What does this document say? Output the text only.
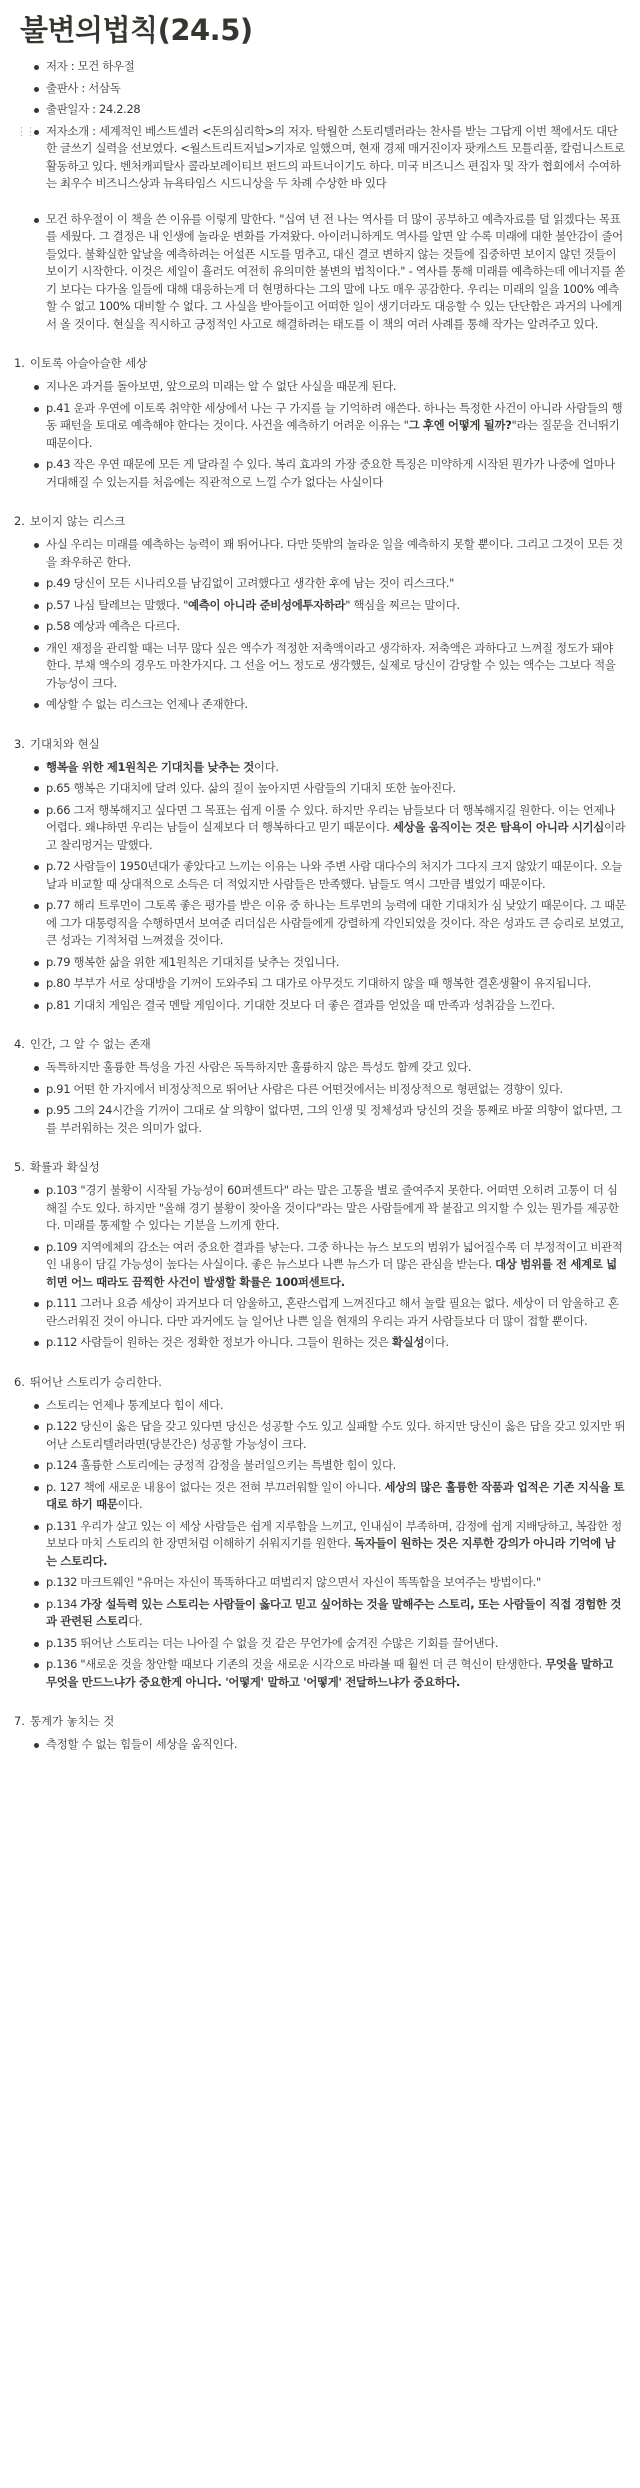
불변의법칙(24.5)
저자 : 모건 하우절
출판사 : 서삼독
출판일자 : 24.2.28
⋮⋮ 저자소개 : 세계적인 베스트셀러 <돈의심리학>의 저자. 탁월한 스토리텔러라는 찬사를 받는 그답게 이번 책에서도 대단한 글쓰기 실력을 선보였다. <월스트리트저널>기자로 일했으며, 현재 경제 매거진이자 팟캐스트 모틀리풀, 칼럼니스트로 활동하고 있다. 벤처캐피탈사 콜라보레이티브 펀드의 파트너이기도 하다. 미국 비즈니스 편집자 및 작가 협회에서 수여하는 최우수 비즈니스상과 뉴욕타임스 시드니상을 두 차례 수상한 바 있다
모건 하우절이 이 책을 쓴 이유를 이렇게 말한다. "십여 년 전 나는 역사를 더 많이 공부하고 예측자료를 덜 읽겠다는 목표를 세웠다. 그 결정은 내 인생에 놀라운 변화를 가져왔다. 아이러니하게도 역사를 알면 알 수록 미래에 대한 불안감이 줄어들었다. 불확실한 앞날을 예측하려는 어설픈 시도를 멈추고, 대신 결코 변하지 않는 것들에 집중하면 보이지 않던 것들이 보이기 시작한다. 이것은 세일이 흘러도 여전히 유의미한 불변의 법칙이다." - 역사를 통해 미래를 예측하는데 에너지를 쏟기 보다는 다가올 일들에 대해 대응하는게 더 현명하다는 그의 말에 나도 매우 공감한다. 우리는 미래의 일을 100% 예측할 수 없고 100% 대비할 수 없다. 그 사실을 받아들이고 어떠한 일이 생기더라도 대응할 수 있는 단단함은 과거의 나에게서 올 것이다. 현실을 직시하고 긍정적인 사고로 해결하려는 태도를 이 책의 여러 사례를 통해 작가는 알려주고 있다.
1. 이토록 아슬아슬한 세상
지나온 과거를 돌아보면, 앞으로의 미래는 알 수 없단 사실을 때문게 된다.
p.41 운과 우연에 이토록 취약한 세상에서 나는 구 가지를 늘 기억하려 애쓴다. 하나는 특정한 사건이 아니라 사람들의 행동 패턴을 토대로 예측해야 한다는 것이다. 사건을 예측하기 어려운 이유는 "그 후엔 어떻게 될까?"라는 질문을 건너뛰기 때문이다.
p.43 작은 우연 때문에 모든 게 달라질 수 있다. 복리 효과의 가장 중요한 특징은 미약하게 시작된 뭔가가 나중에 얼마나 거대해질 수 있는지를 처음에는 직관적으로 느낄 수가 없다는 사실이다
2. 보이지 않는 리스크
사실 우리는 미래를 예측하는 능력이 꽤 뛰어나다. 다만 뜻밖의 놀라운 일을 예측하지 못할 뿐이다. 그리고 그것이 모든 것을 좌우하곤 한다.
p.49 당신이 모든 시나리오를 남김없이 고려했다고 생각한 후에 남는 것이 리스크다."
p.57 나심 탈레브는 말했다. "예측이 아니라 준비성에투자하라" 핵심을 찌르는 말이다.
p.58 예상과 예측은 다르다.
개인 재정을 관리할 때는 너무 많다 싶은 액수가 적정한 저축액이라고 생각하자. 저축액은 과하다고 느껴질 정도가 돼야 한다. 부채 액수의 경우도 마찬가지다. 그 선을 어느 정도로 생각했든, 실제로 당신이 감당할 수 있는 액수는 그보다 적을 가능성이 크다.
예상할 수 없는 리스크는 언제나 존재한다.
3. 기대치와 현실
행복을 위한 제1원칙은 기대치를 낮추는 것이다.
p.65 행복은 기대치에 달려 있다. 삶의 질이 높아지면 사람들의 기대치 또한 높아진다.
p.66 그저 행복해지고 싶다면 그 목표는 쉽게 이룰 수 있다. 하지만 우리는 남들보다 더 행복해지길 원한다. 이는 언제나 어렵다. 왜냐하면 우리는 남들이 실제보다 더 행복하다고 믿기 때문이다. 세상을 움직이는 것은 탐욕이 아니라 시기심이라고 찰리멍거는 말했다.
p.72 사람들이 1950년대가 좋았다고 느끼는 이유는 나와 주변 사람 대다수의 처지가 그다지 크지 않았기 때문이다. 오늘날과 비교할 때 상대적으로 소득은 더 적었지만 사람들은 만족했다. 남들도 역시 그만큼 별었기 때문이다.
p.77 해리 트루먼이 그토록 좋은 평가를 받은 이유 중 하나는 트루먼의 능력에 대한 기대치가 심 낮았기 때문이다. 그 때문에 그가 대통령직을 수행하면서 보여준 리더십은 사람들에게 강렬하게 각인되었을 것이다. 작은 성과도 큰 승리로 보였고, 큰 성과는 기적처럼 느껴졌을 것이다.
p.79 행복한 삶을 위한 제1원칙은 기대치를 낮추는 것입니다.
p.80 부부가 서로 상대방을 기꺼이 도와주되 그 대가로 아무것도 기대하지 않을 때 행복한 결혼생활이 유지됩니다.
p.81 기대치 게임은 결국 멘탈 게임이다. 기대한 것보다 더 좋은 결과를 얻었을 때 만족과 성취감을 느낀다.
4. 인간, 그 알 수 없는 존재
독특하지만 훌륭한 특성을 가진 사람은 독특하지만 훌륭하지 않은 특성도 함께 갖고 있다.
p.91 어떤 한 가지에서 비정상적으로 뛰어난 사람은 다른 어떤것에서는 비정상적으로 형편없는 경향이 있다.
p.95 그의 24시간을 기꺼이 그대로 살 의향이 없다면, 그의 인생 및 정체성과 당신의 것을 통째로 바꿀 의향이 없다면, 그를 부러워하는 것은 의미가 없다.
5. 확률과 확실성
p.103 "경기 불황이 시작될 가능성이 60퍼센트다" 라는 말은 고통을 별로 줄여주지 못한다. 어떠면 오히려 고통이 더 심해질 수도 있다. 하지만 "올해 경기 불황이 찾아올 것이다"라는 말은 사람들에게 꽉 붙잡고 의지할 수 있는 뭔가를 제공한다. 미래를 통제할 수 있다는 기분을 느끼게 한다.
p.109 지역에체의 감소는 여러 중요한 결과를 낳는다. 그중 하나는 뉴스 보도의 범위가 넓어질수록 더 부정적이고 비관적인 내용이 담길 가능성이 높다는 사실이다. 좋은 뉴스보다 나쁜 뉴스가 더 많은 관심을 받는다. 대상 범위를 전 세계로 넓히면 어느 때라도 끔찍한 사건이 발생할 확률은 100퍼센트다.
p.111 그러나 요즘 세상이 과거보다 더 암울하고, 혼란스럽게 느껴진다고 해서 놀랄 필요는 없다. 세상이 더 암울하고 혼란스러워진 것이 아니다. 다만 과거에도 늘 일어난 나쁜 일을 현재의 우리는 과거 사람들보다 더 많이 접할 뿐이다.
p.112 사람들이 원하는 것은 정확한 정보가 아니다. 그들이 원하는 것은 확실성이다.
6. 뛰어난 스토리가 승리한다.
스토리는 언제나 통계보다 힘이 세다.
p.122 당신이 옳은 답을 갖고 있다면 당신은 성공할 수도 있고 실패할 수도 있다. 하지만 당신이 옳은 답을 갖고 있지만 뛰어난 스토리텔러라면(당분간은) 성공할 가능성이 크다.
p.124 훌륭한 스토리에는 긍정적 감정을 불러일으키는 특별한 힘이 있다.
p. 127 책에 새로운 내용이 없다는 것은 전혀 부끄러워할 일이 아니다. 세상의 많은 훌륭한 작품과 업적은 기존 지식을 토대로 하기 때문이다.
p.131 우리가 살고 있는 이 세상 사람들은 쉽게 지루함을 느끼고, 인내심이 부족하며, 감정에 쉽게 지배당하고, 복잡한 정보보다 마치 스토리의 한 장면처럼 이해하기 쉬워지기를 원한다. 독자들이 원하는 것은 지루한 강의가 아니라 기억에 남는 스토리다.
p.132 마크트웨인 "유머는 자신이 똑똑하다고 떠벌리지 않으면서 자신이 똑똑함을 보여주는 방법이다."
p.134 가장 설득력 있는 스토리는 사람들이 옳다고 믿고 싶어하는 것을 말해주는 스토리, 또는 사람들이 직접 경험한 것과 관련된 스토리다.
p.135 뛰어난 스토리는 더는 나아질 수 없을 것 같은 무언가에 숨겨진 수많은 기회를 끌어낸다.
p.136 "새로운 것을 창안할 때보다 기존의 것을 새로운 시각으로 바라볼 때 훨씬 더 큰 혁신이 탄생한다. 무엇을 말하고 무엇을 만드느냐가 중요한게 아니다. '어떻게' 말하고 '어떻게' 전달하느냐가 중요하다.
7. 통계가 놓치는 것
측정할 수 없는 힘들이 세상을 움직인다.
